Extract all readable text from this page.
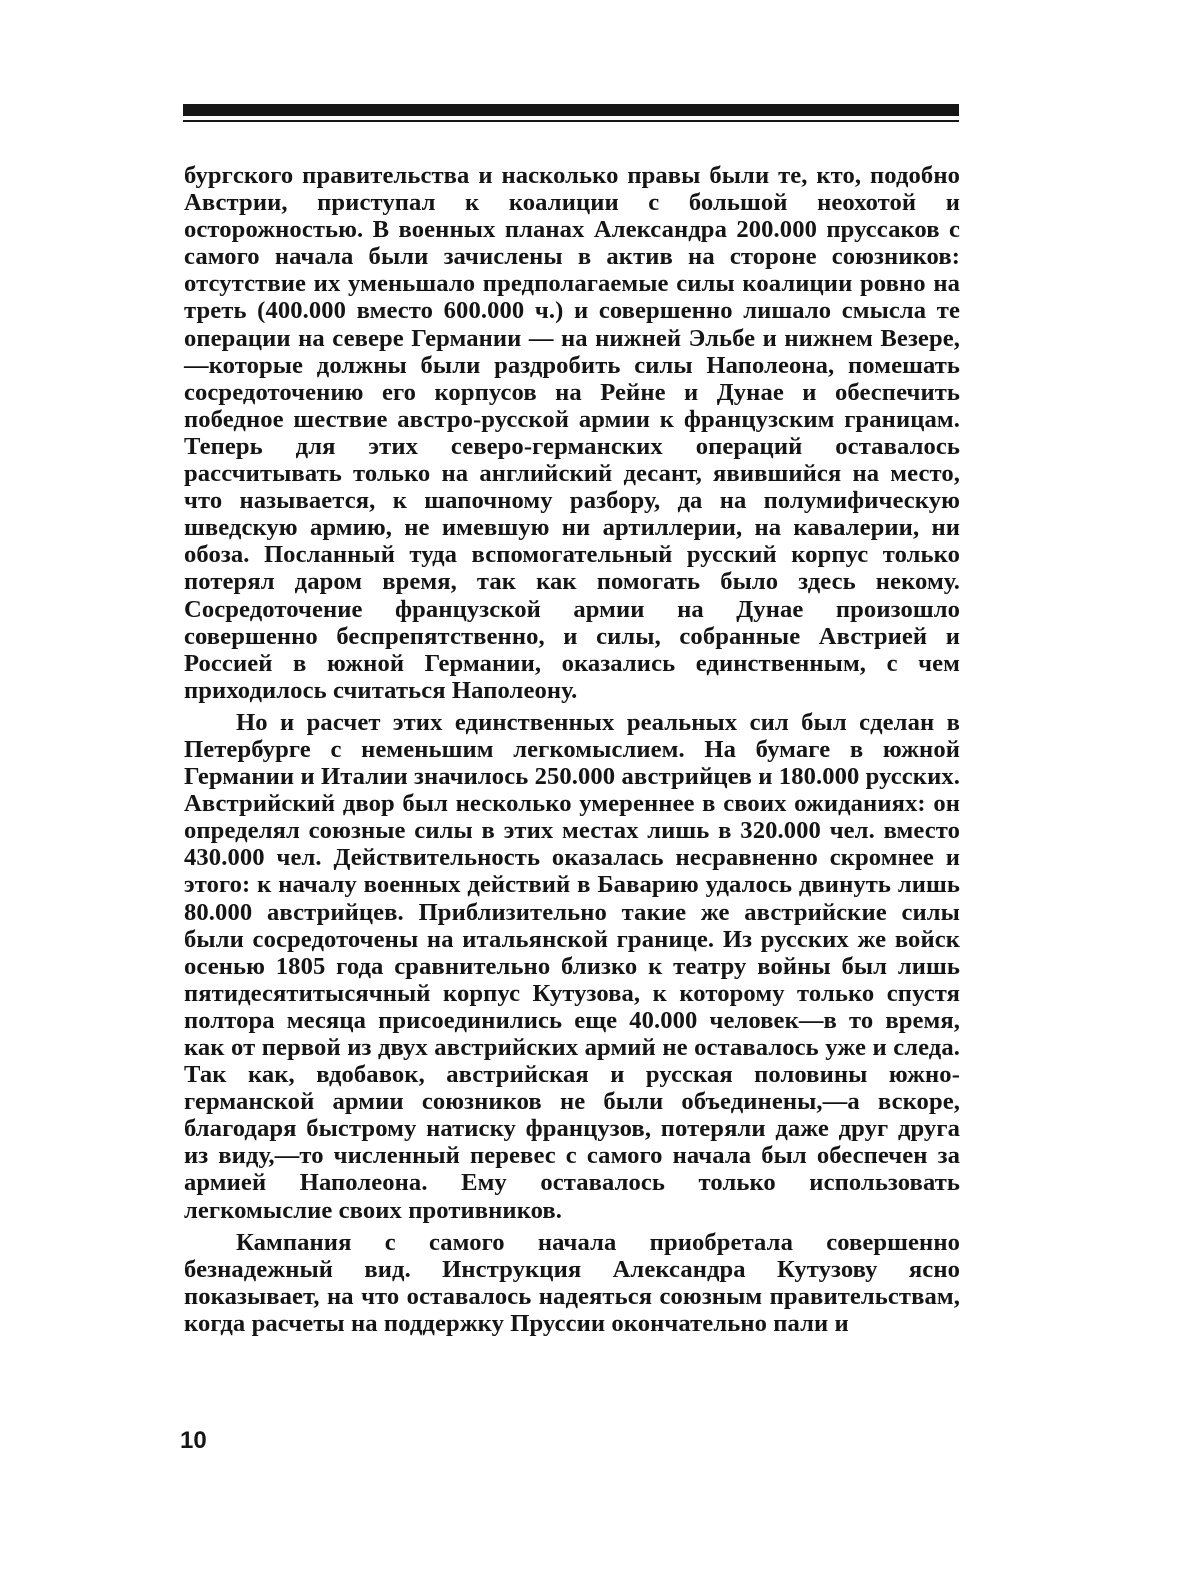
бургского правительства и насколько правы были те, кто, подобно Австрии, приступал к коалиции с большой неохотой и осторожностью. В военных планах Александра 200.000 пруссаков с самого начала были зачислены в актив на стороне союзников: отсутствие их уменьшало предполагаемые силы коалиции ровно на треть (400.000 вместо 600.000 ч.) и совершенно лишало смысла те операции на севере Германии — на нижней Эльбе и нижнем Везере,—которые должны были раздробить силы Наполеона, помешать сосредоточению его корпусов на Рейне и Дунае и обеспечить победное шествие австро-русской армии к французским границам. Теперь для этих северо-германских операций оставалось рассчитывать только на английский десант, явившийся на место, что называется, к шапочному разбору, да на полумифическую шведскую армию, не имевшую ни артиллерии, на кавалерии, ни обоза. Посланный туда вспомогательный русский корпус только потерял даром время, так как помогать было здесь некому. Сосредоточение французской армии на Дунае произошло совершенно беспрепятственно, и силы, собранные Австрией и Россией в южной Германии, оказались единственным, с чем приходилось считаться Наполеону.

Но и расчет этих единственных реальных сил был сделан в Петербурге с неменьшим легкомыслием. На бумаге в южной Германии и Италии значилось 250.000 австрийцев и 180.000 русских. Австрийский двор был несколько умереннее в своих ожиданиях: он определял союзные силы в этих местах лишь в 320.000 чел. вместо 430.000 чел. Действительность оказалась несравненно скромнее и этого: к началу военных действий в Баварию удалось двинуть лишь 80.000 австрийцев. Приблизительно такие же австрийские силы были сосредоточены на итальянской границе. Из русских же войск осенью 1805 года сравнительно близко к театру войны был лишь пятидесятитысячный корпус Кутузова, к которому только спустя полтора месяца присоединились еще 40.000 человек—в то время, как от первой из двух австрийских армий не оставалось уже и следа. Так как, вдобавок, австрийская и русская половины южно-германской армии союзников не были объединены,—а вскоре, благодаря быстрому натиску французов, потеряли даже друг друга из виду,—то численный перевес с самого начала был обеспечен за армией Наполеона. Ему оставалось только использовать легкомыслие своих противников.

Кампания с самого начала приобретала совершенно безнадежный вид. Инструкция Александра Кутузову ясно показывает, на что оставалось надеяться союзным правительствам, когда расчеты на поддержку Пруссии окончательно пали и

10
